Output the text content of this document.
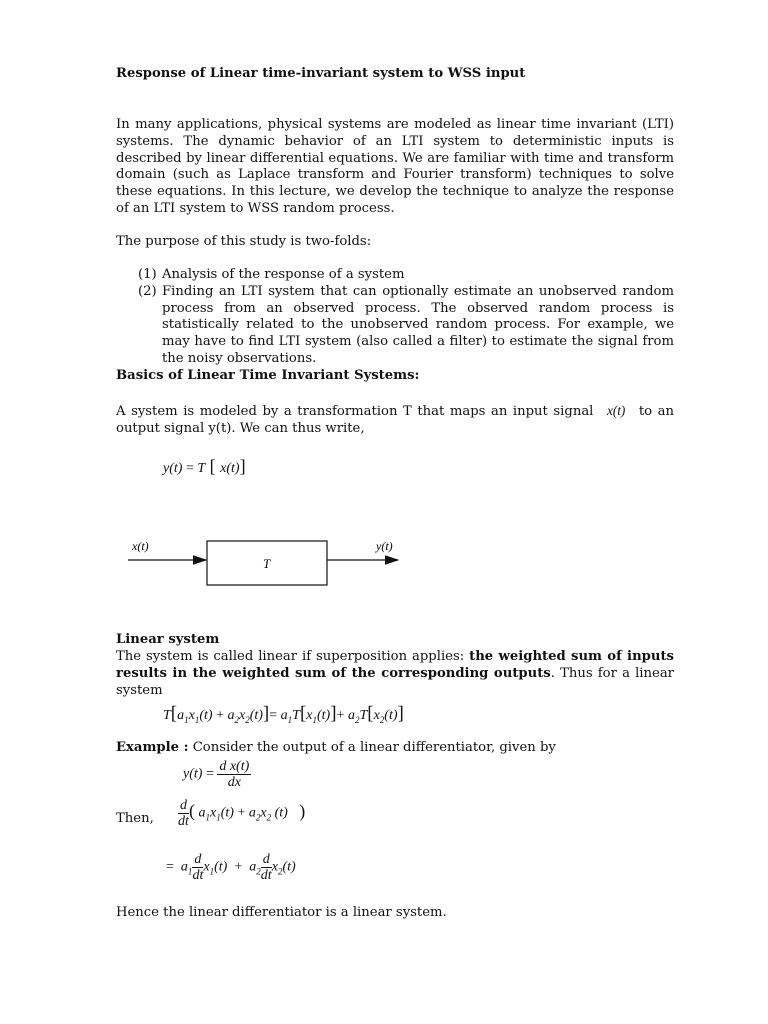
Response of Linear time-invariant system to WSS input
In many applications, physical systems are modeled as linear time invariant (LTI) systems. The dynamic behavior of an LTI system to deterministic inputs is described by linear differential equations. We are familiar with time and transform domain (such as Laplace transform and Fourier transform) techniques to solve these equations. In this lecture, we develop the technique to analyze the response of an LTI system to WSS random process.
The purpose of this study is two-folds:
(1) Analysis of the response of a system
(2) Finding an LTI system that can optionally estimate an unobserved random process from an observed process. The observed random process is statistically related to the unobserved random process. For example, we may have to find LTI system (also called a filter) to estimate the signal from the noisy observations.
Basics of Linear Time Invariant Systems:
A system is modeled by a transformation T that maps an input signal x(t) to an output signal y(t). We can thus write,
y(t) = T [ x(t)]
x(t)
T
y(t)
Linear system
The system is called linear if superposition applies: the weighted sum of inputs results in the weighted sum of the corresponding outputs. Thus for a linear system
$T[a_1x_1(t) + a_2x_2(t)]= a_1T[x_1(t)]+ a_2T[x_2(t)]$
Example : Consider the output of a linear differentiator, given by
$y(t) = \frac{\text{d x(t)}}{dx}$
Then,	$\frac{d}{dt}$ ( $a_1x_1(t) + a_2x_2$ (t) )
=  $a_1 \frac{d}{dt} x_1(t) + a_2 \frac{d}{dt} x_2(t)$
Hence the linear differentiator is a linear system.
